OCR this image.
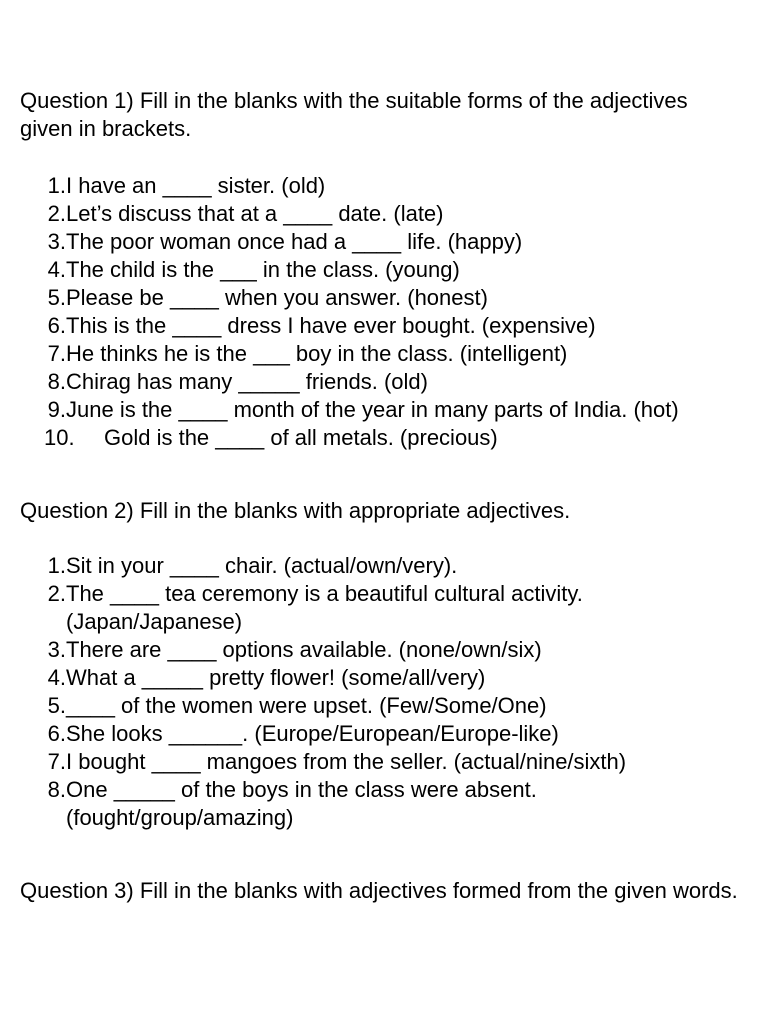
Question 1) Fill in the blanks with the suitable forms of the adjectives given in brackets.

1. I have an ____ sister. (old)
2. Let’s discuss that at a ____ date. (late)
3. The poor woman once had a ____ life. (happy)
4. The child is the ___ in the class. (young)
5. Please be ____ when you answer. (honest)
6. This is the ____ dress I have ever bought. (expensive)
7. He thinks he is the ___ boy in the class. (intelligent)
8. Chirag has many _____ friends. (old)
9. June is the ____ month of the year in many parts of India. (hot)
10. Gold is the ____ of all metals. (precious)

Question 2) Fill in the blanks with appropriate adjectives.

1. Sit in your ____ chair. (actual/own/very).
2. The ____ tea ceremony is a beautiful cultural activity. (Japan/Japanese)
3. There are ____ options available. (none/own/six)
4. What a _____ pretty flower! (some/all/very)
5. ____ of the women were upset. (Few/Some/One)
6. She looks ______. (Europe/European/Europe-like)
7. I bought ____ mangoes from the seller. (actual/nine/sixth)
8. One _____ of the boys in the class were absent. (fought/group/amazing)

Question 3) Fill in the blanks with adjectives formed from the given words.
